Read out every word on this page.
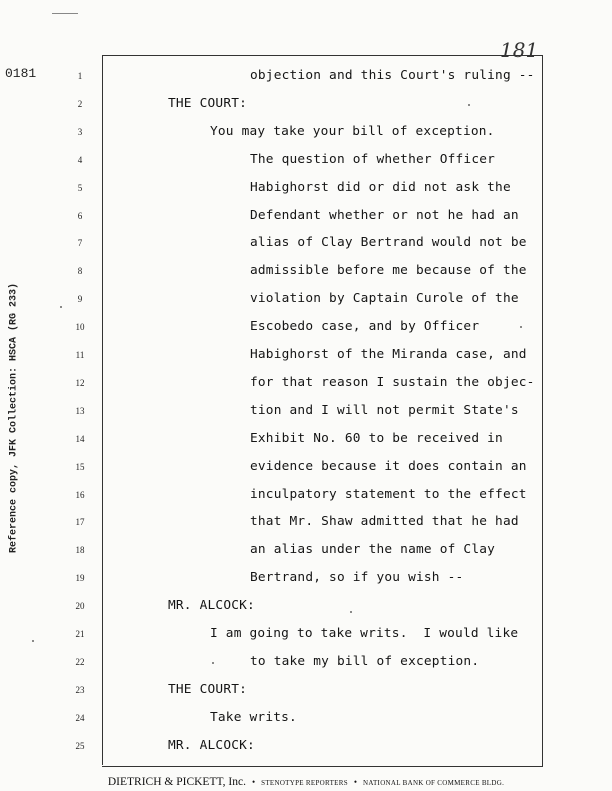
0181
181
Reference copy, JFK Collection: HSCA (RG 233)
1
2
3
4
5
6
7
8
9
10
11
12
13
14
15
16
17
18
19
20
21
22
23
24
25
objection and this Court's ruling --
THE COURT:
You may take your bill of exception.
The question of whether Officer
Habighorst did or did not ask the
Defendant whether or not he had an
alias of Clay Bertrand would not be
admissible before me because of the
violation by Captain Curole of the
Escobedo case, and by Officer
Habighorst of the Miranda case, and
for that reason I sustain the objec-
tion and I will not permit State's
Exhibit No. 60 to be received in
evidence because it does contain an
inculpatory statement to the effect
that Mr. Shaw admitted that he had
an alias under the name of Clay
Bertrand, so if you wish --
MR. ALCOCK:
I am going to take writs.  I would like
to take my bill of exception.
THE COURT:
Take writs.
MR. ALCOCK:
DIETRICH & PICKETT, Inc. • STENOTYPE REPORTERS • NATIONAL BANK OF COMMERCE BLDG.
